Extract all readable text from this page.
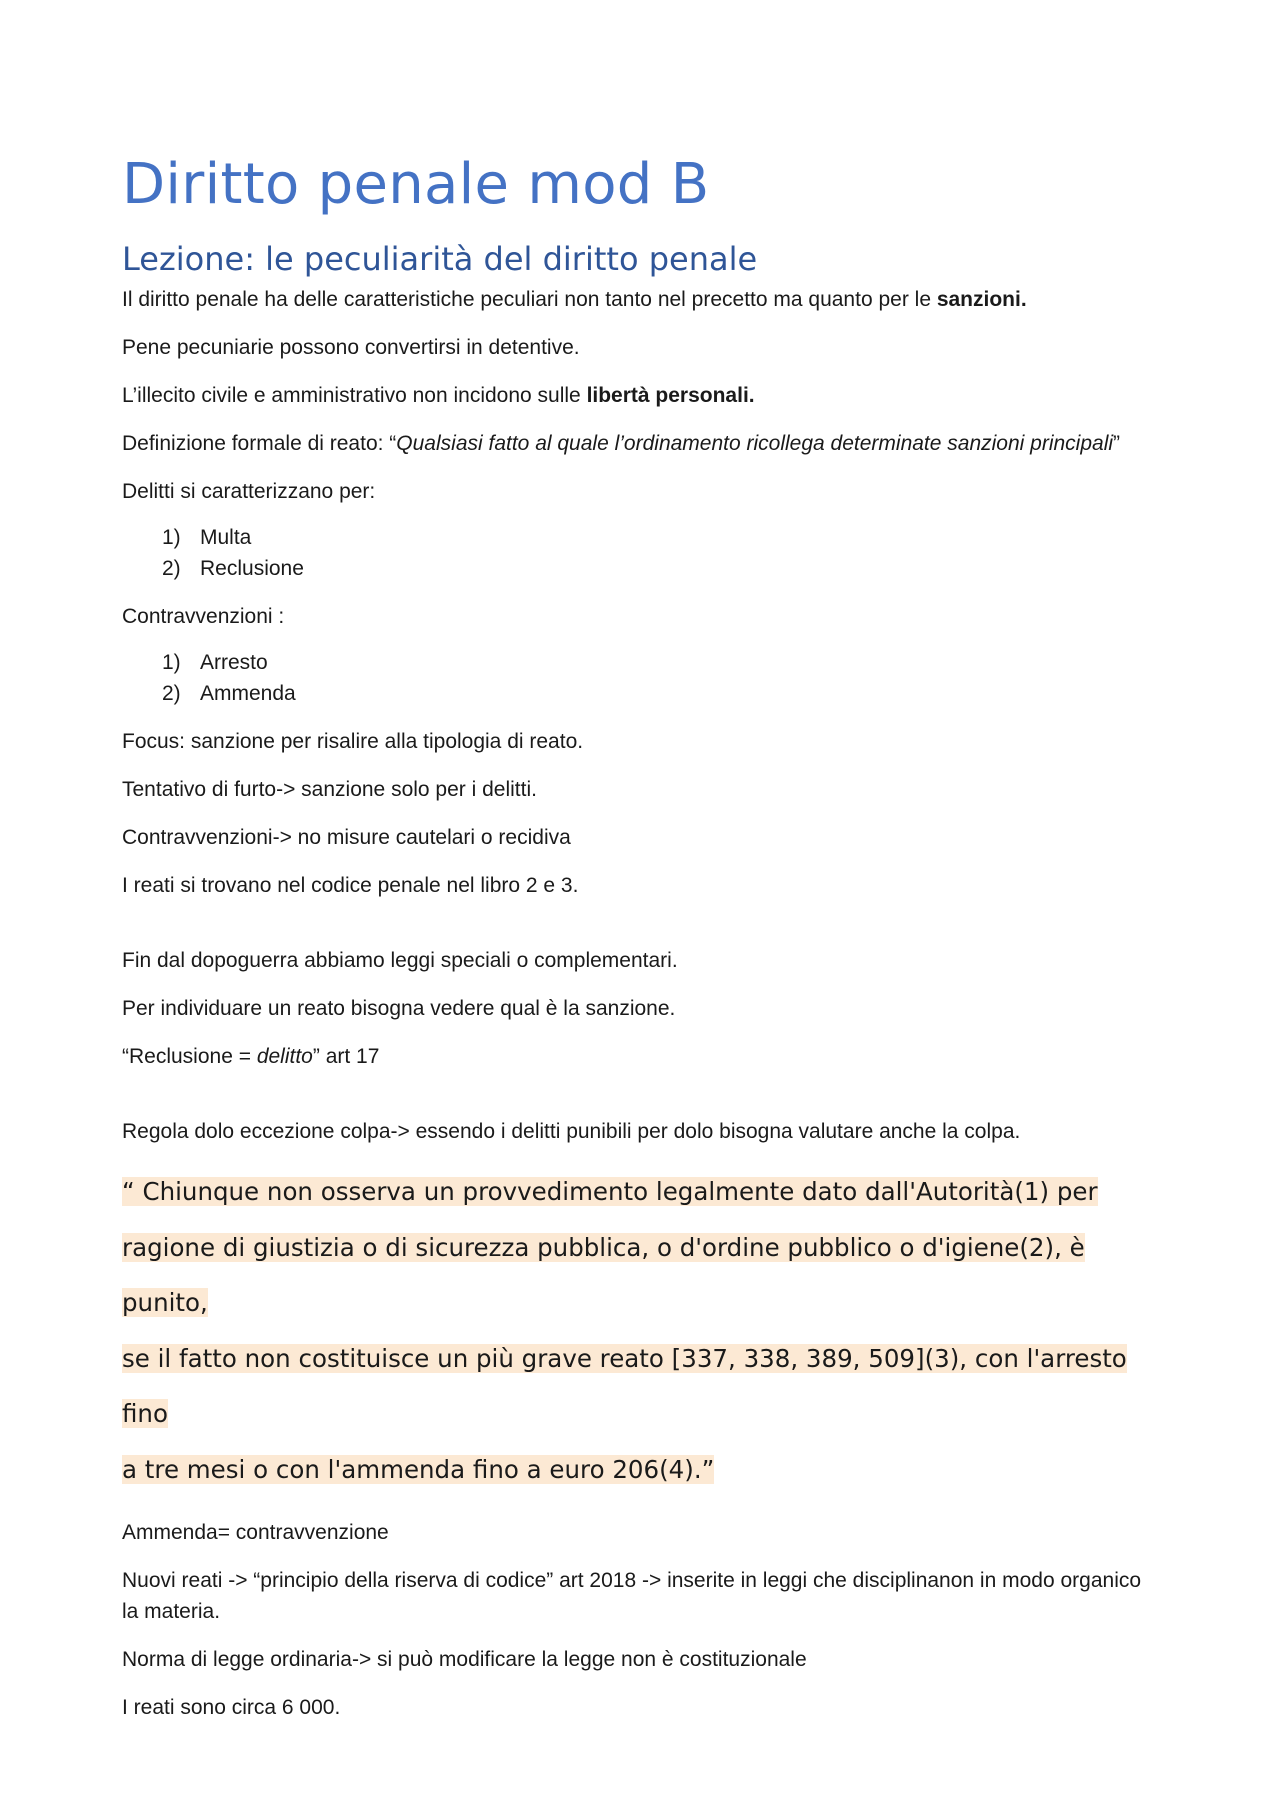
Diritto penale mod B
Lezione: le peculiarità del diritto penale

Il diritto penale ha delle caratteristiche peculiari non tanto nel precetto ma quanto per le sanzioni.

Pene pecuniarie possono convertirsi in detentive.

L’illecito civile e amministrativo non incidono sulle libertà personali.

Definizione formale di reato: “Qualsiasi fatto al quale l’ordinamento ricollega determinate sanzioni principali”

Delitti si caratterizzano per:

1) Multa
2) Reclusione

Contravvenzioni :

1) Arresto
2) Ammenda

Focus: sanzione per risalire alla tipologia di reato.

Tentativo di furto-> sanzione solo per i delitti.

Contravvenzioni-> no misure cautelari o recidiva

I reati si trovano nel codice penale nel libro 2 e 3.

Fin dal dopoguerra abbiamo leggi speciali o complementari.

Per individuare un reato bisogna vedere qual è la sanzione.

“Reclusione = delitto” art 17

Regola dolo eccezione colpa-> essendo i delitti punibili per dolo bisogna valutare anche la colpa.

“ Chiunque non osserva un provvedimento legalmente dato dall'Autorità(1) per
ragione di giustizia o di sicurezza pubblica, o d'ordine pubblico o d'igiene(2), è punito,
se il fatto non costituisce un più grave reato [337, 338, 389, 509](3), con l'arresto fino
a tre mesi o con l'ammenda fino a euro 206(4).”

Ammenda= contravvenzione

Nuovi reati -> “principio della riserva di codice” art 2018 -> inserite in leggi che disciplinanon in modo organico la materia.

Norma di legge ordinaria-> si può modificare la legge non è costituzionale

I reati sono circa 6 000.
